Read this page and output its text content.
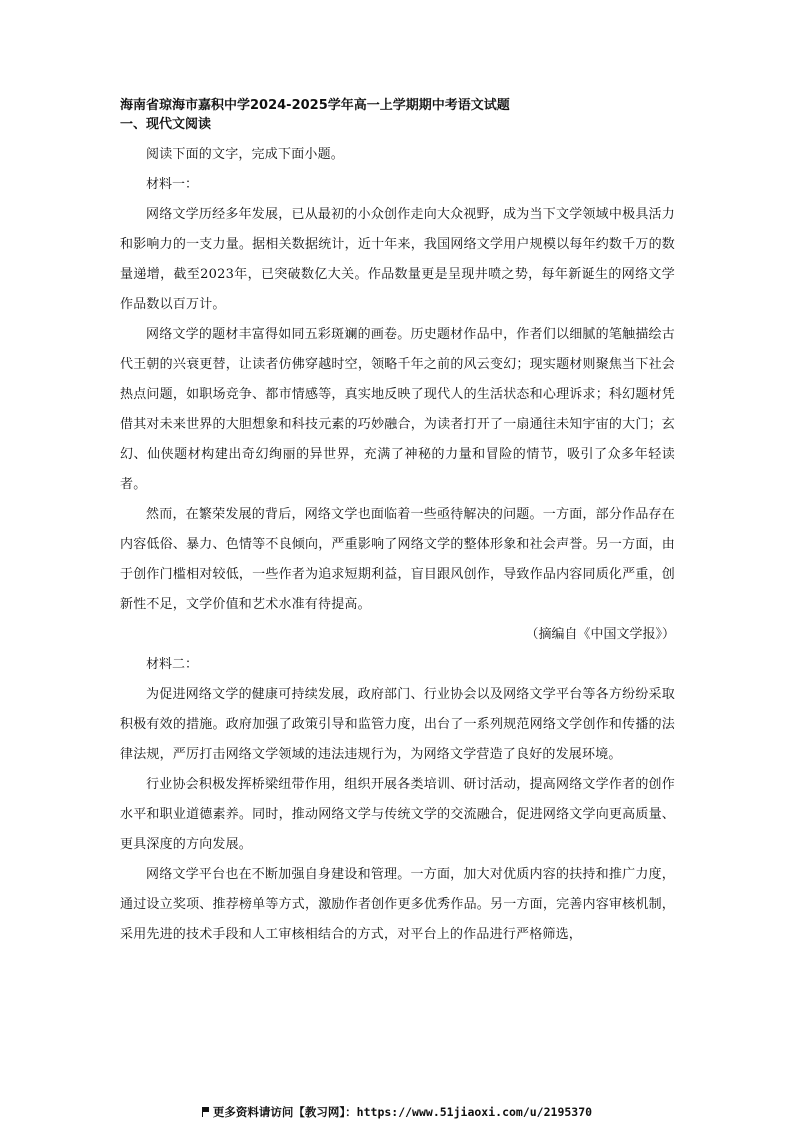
海南省琼海市嘉积中学2024-2025学年高一上学期期中考语文试题
一、现代文阅读

阅读下面的文字，完成下面小题。

材料一：

网络文学历经多年发展，已从最初的小众创作走向大众视野，成为当下文学领域中极具活力和影响力的一支力量。据相关数据统计，近十年来，我国网络文学用户规模以每年约数千万的数量递增，截至2023年，已突破数亿大关。作品数量更是呈现井喷之势，每年新诞生的网络文学作品数以百万计。

网络文学的题材丰富得如同五彩斑斓的画卷。历史题材作品中，作者们以细腻的笔触描绘古代王朝的兴衰更替，让读者仿佛穿越时空，领略千年之前的风云变幻；现实题材则聚焦当下社会热点问题，如职场竞争、都市情感等，真实地反映了现代人的生活状态和心理诉求；科幻题材凭借其对未来世界的大胆想象和科技元素的巧妙融合，为读者打开了一扇通往未知宇宙的大门；玄幻、仙侠题材构建出奇幻绚丽的异世界，充满了神秘的力量和冒险的情节，吸引了众多年轻读者。

然而，在繁荣发展的背后，网络文学也面临着一些亟待解决的问题。一方面，部分作品存在内容低俗、暴力、色情等不良倾向，严重影响了网络文学的整体形象和社会声誉。另一方面，由于创作门槛相对较低，一些作者为追求短期利益，盲目跟风创作，导致作品内容同质化严重，创新性不足，文学价值和艺术水准有待提高。

（摘编自《中国文学报》）

材料二：

为促进网络文学的健康可持续发展，政府部门、行业协会以及网络文学平台等各方纷纷采取积极有效的措施。政府加强了政策引导和监管力度，出台了一系列规范网络文学创作和传播的法律法规，严厉打击网络文学领域的违法违规行为，为网络文学营造了良好的发展环境。

行业协会积极发挥桥梁纽带作用，组织开展各类培训、研讨活动，提高网络文学作者的创作水平和职业道德素养。同时，推动网络文学与传统文学的交流融合，促进网络文学向更高质量、更具深度的方向发展。

网络文学平台也在不断加强自身建设和管理。一方面，加大对优质内容的扶持和推广力度，通过设立奖项、推荐榜单等方式，激励作者创作更多优秀作品。另一方面，完善内容审核机制，采用先进的技术手段和人工审核相结合的方式，对平台上的作品进行严格筛选，

更多资料请访问【教习网】：https://www.51jiaoxi.com/u/2195370
